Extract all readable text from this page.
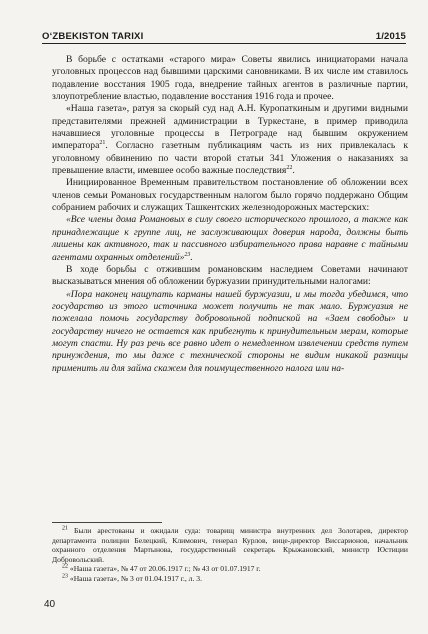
O‘ZBEKISTON TARIXI	1/2015

В борьбе с остатками «старого мира» Советы явились инициаторами начала уголовных процессов над бывшими царскими сановниками. В их числе им ставилось подавление восстания 1905 года, внедрение тайных агентов в различные партии, злоупотребление властью, подавление восстания 1916 года и прочее.

«Наша газета», ратуя за скорый суд над А.Н. Куропаткиным и другими видными представителями прежней администрации в Туркестане, в пример приводила начавшиеся уголовные процессы в Петрограде над бывшим окружением императора$^{21}$. Согласно газетным публикациям часть из них привлекалась к уголовному обвинению по части второй статьи 341 Уложения о наказаниях за превышение власти, имевшее особо важные последствия$^{22}$.

Инициированное Временным правительством постановление об обложении всех членов семьи Романовых государственным налогом было горячо поддержано Общим собранием рабочих и служащих Ташкентских железнодорожных мастерских:

«Все члены дома Романовых в силу своего исторического прошлого, а также как принадлежащие к группе лиц, не заслуживающих доверия народа, должны быть лишены как активного, так и пассивного избирательного права наравне с тайными агентами охранных отделений»$^{23}$.

В ходе борьбы с отжившим романовским наследием Советами начинают высказываться мнения об обложении буржуазии принудительными налогами:

«Пора наконец нащупать карманы нашей буржуазии, и мы тогда убедимся, что государство из этого источника может получить не так мало. Буржуазия не пожелала помочь государству добровольной подпиской на «Заем свободы» и государству ничего не остается как прибегнуть к принудительным мерам, которые могут спасти. Ну раз речь все равно идет о немедленном извлечении средств путем принуждения, то мы даже с технической стороны не видим никакой разницы применить ли для займа скажем для поимущественного налога или на-

$^{21}$ Были арестованы и ожидали суда: товарищ министра внутренних дел Золотарев, директор департамента полиции Белецкий, Климович, генерал Курлов, вице-директор Виссарионов, начальник охранного отделения Мартынова, государственный секретарь Крыжановский, министр Юстиции Добровольский.

$^{22}$ «Наша газета», № 47 от 20.06.1917 г.; № 43 от 01.07.1917 г.

$^{23}$ «Наша газета», № 3 от 01.04.1917 г., л. 3.

40
